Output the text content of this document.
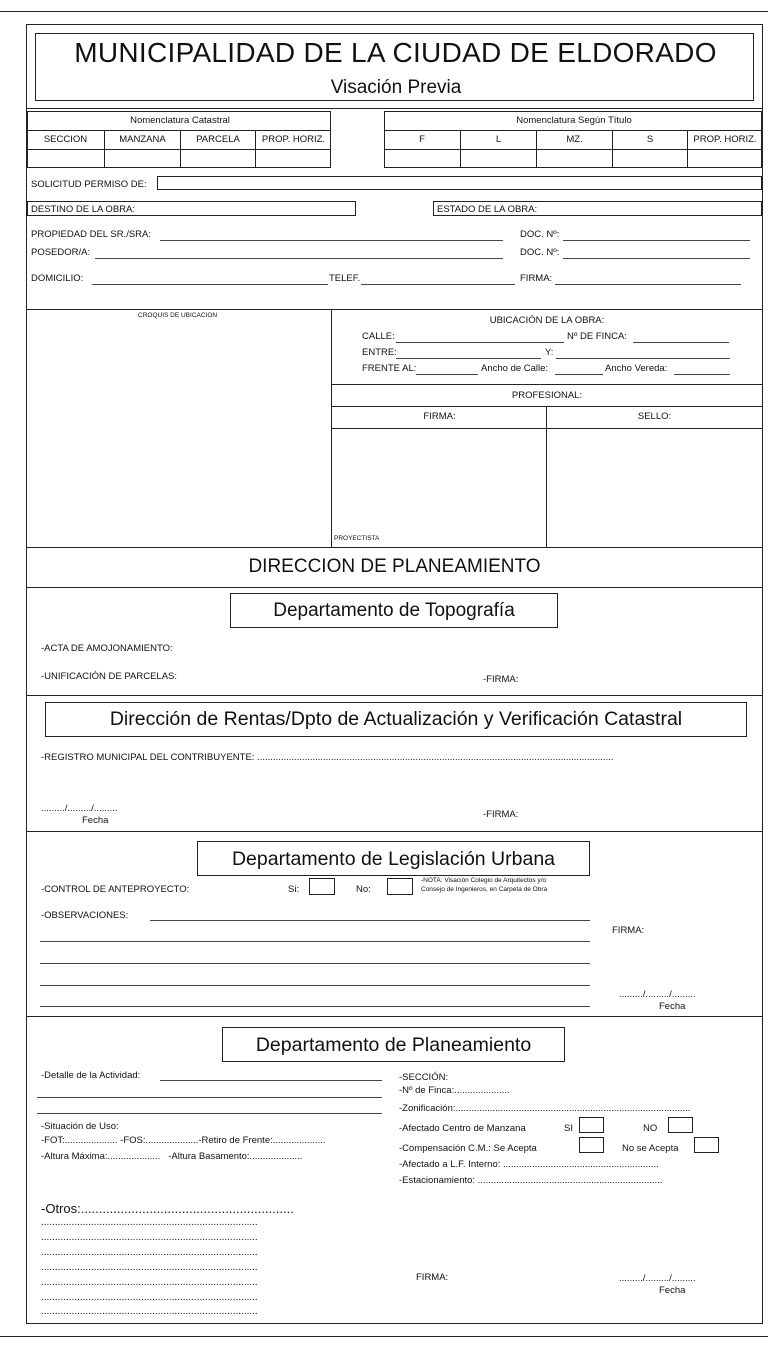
MUNICIPALIDAD DE LA CIUDAD DE ELDORADO
Visación Previa
Nomenclatura Catastral
SECCION	MANZANA	PARCELA	PROP. HORIZ.
Nomenclatura Según Título
F	L	MZ.	S	PROP. HORIZ.
SOLICITUD PERMISO DE:
DESTINO DE LA OBRA:	ESTADO DE LA OBRA:
PROPIEDAD DEL SR./SRA:	DOC. Nº:
POSEDOR/A:	DOC. Nº:
DOMICILIO:	TELEF.	FIRMA:
CROQUIS DE UBICACION	UBICACIÓN DE LA OBRA:
CALLE:	Nº DE FINCA:
ENTRE:	Y:
FRENTE AL:	Ancho de Calle:	Ancho Vereda:
PROFESIONAL:
FIRMA:	SELLO:
PROYECTISTA
DIRECCION DE PLANEAMIENTO
Departamento de Topografía
-ACTA DE AMOJONAMIENTO:
-UNIFICACIÓN DE PARCELAS:	-FIRMA:
Dirección de Rentas/Dpto de Actualización y Verificación Catastral
-REGISTRO MUNICIPAL DEL CONTRIBUYENTE: .......................................................................................................................................
........./........./.........
Fecha
-FIRMA:
Departamento de Legislación Urbana
-CONTROL DE ANTEPROYECTO:	Si:	No:
-NOTA: Visación Colegio de Arquitectos y/o
Consejo de Ingenieros, en Carpeta de Obra
-OBSERVACIONES:
FIRMA:
........./........./.........
Fecha
Departamento de Planeamiento
-Detalle de la Actividad:
-Situación de Uso:
-FOT:.................... -FOS:....................-Retiro de Frente:....................
-Altura Máxima:....................   -Altura Basamento:....................
-Otros:...........................................................
..............................................................................
..............................................................................
..............................................................................
..............................................................................
..............................................................................
..............................................................................
..............................................................................
-SECCIÓN:
-Nº de Finca:.....................
-Zonificación:.........................................................................................
-Afectado Centro de Manzana	SI	NO
-Compensación C.M.: Se Acepta	No se Acepta
-Afectado a L.F. Interno: ...........................................................
-Estacionamiento: ......................................................................
FIRMA:	........./........./.........
Fecha
